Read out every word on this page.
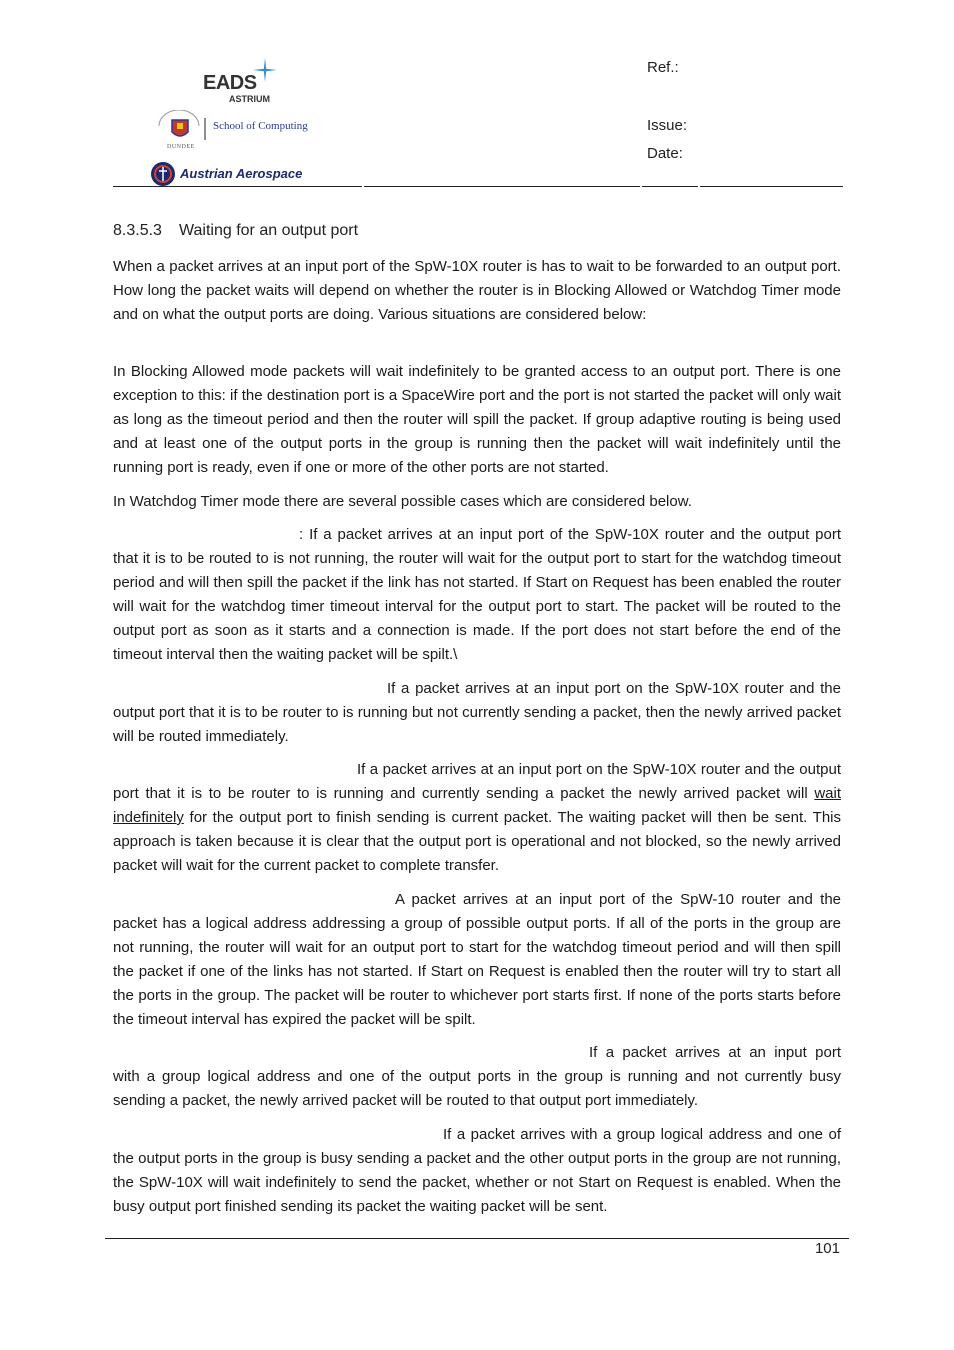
EADS
ASTRIUM
School of Computing
DUNDEE
Austrian Aerospace
Ref.:
Issue:
Date:
8.3.5.3 Waiting for an output port

When a packet arrives at an input port of the SpW-10X router is has to wait to be forwarded to an output port. How long the packet waits will depend on whether the router is in Blocking Allowed or Watchdog Timer mode and on what the output ports are doing. Various situations are considered below:

In Blocking Allowed mode packets will wait indefinitely to be granted access to an output port. There is one exception to this: if the destination port is a SpaceWire port and the port is not started the packet will only wait as long as the timeout period and then the router will spill the packet. If group adaptive routing is being used and at least one of the output ports in the group is running then the packet will wait indefinitely until the running port is ready, even if one or more of the other ports are not started.

In Watchdog Timer mode there are several possible cases which are considered below.

: If a packet arrives at an input port of the SpW-10X router and the output port that it is to be routed to is not running, the router will wait for the output port to start for the watchdog timeout period and will then spill the packet if the link has not started. If Start on Request has been enabled the router will wait for the watchdog timer timeout interval for the output port to start. The packet will be routed to the output port as soon as it starts and a connection is made. If the port does not start before the end of the timeout interval then the waiting packet will be spilt.\

If a packet arrives at an input port on the SpW-10X router and the output port that it is to be router to is running but not currently sending a packet, then the newly arrived packet will be routed immediately.

If a packet arrives at an input port on the SpW-10X router and the output port that it is to be router to is running and currently sending a packet the newly arrived packet will wait indefinitely for the output port to finish sending is current packet. The waiting packet will then be sent. This approach is taken because it is clear that the output port is operational and not blocked, so the newly arrived packet will wait for the current packet to complete transfer.

A packet arrives at an input port of the SpW-10 router and the packet has a logical address addressing a group of possible output ports. If all of the ports in the group are not running, the router will wait for an output port to start for the watchdog timeout period and will then spill the packet if one of the links has not started. If Start on Request is enabled then the router will try to start all the ports in the group. The packet will be router to whichever port starts first. If none of the ports starts before the timeout interval has expired the packet will be spilt.

If a packet arrives at an input port with a group logical address and one of the output ports in the group is running and not currently busy sending a packet, the newly arrived packet will be routed to that output port immediately.

If a packet arrives with a group logical address and one of the output ports in the group is busy sending a packet and the other output ports in the group are not running, the SpW-10X will wait indefinitely to send the packet, whether or not Start on Request is enabled. When the busy output port finished sending its packet the waiting packet will be sent.

101
